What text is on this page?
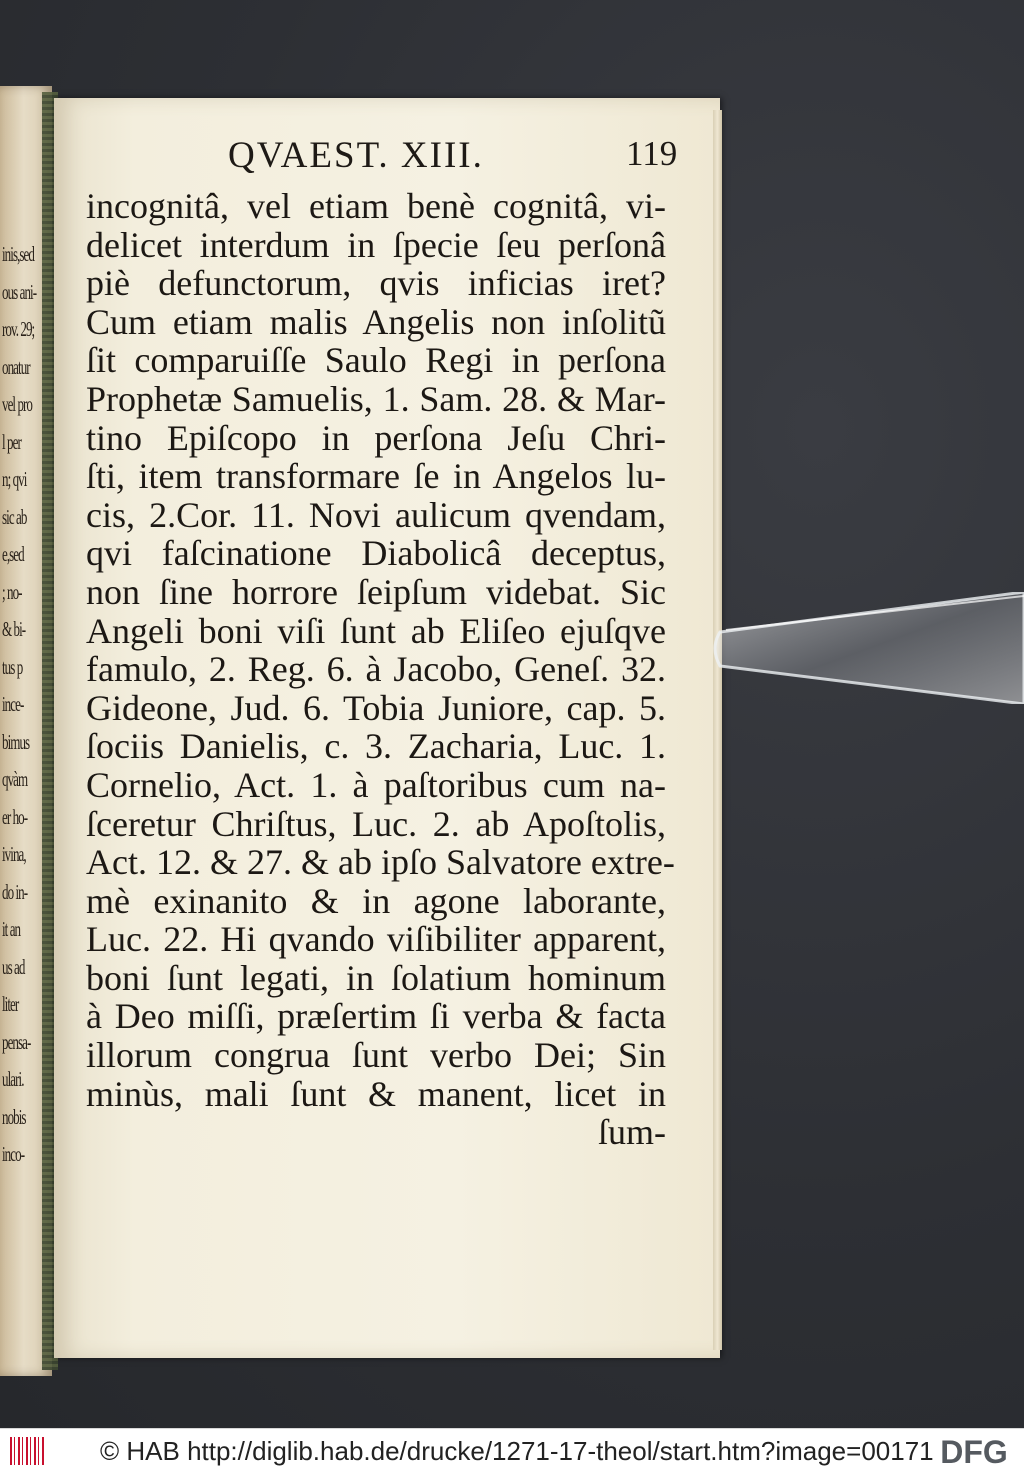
inis,sed
ous ani-
rov. 29;
onatur
vel pro
l per
n; qvi
sic ab
e,sed
; no-
& bi-
tus p
ince-
bimus
qvàm
er ho-
ivina,
do in-
it an
us ad
liter
pensa-
ulari.
nobis
inco-
QVAEST. XIII.	119
incognitâ, vel etiam benè cognitâ, vi-
delicet interdum in ſpecie ſeu perſonâ
piè defunctorum, qvis inficias iret?
Cum etiam malis Angelis non inſolitũ
ſit comparuiſſe Saulo Regi in perſona
Prophetæ Samuelis, 1. Sam. 28. & Mar-
tino Epiſcopo in perſona Jeſu Chri-
ſti, item transformare ſe in Angelos lu-
cis, 2.Cor. 11. Novi aulicum qvendam,
qvi faſcinatione Diabolicâ deceptus,
non ſine horrore ſeipſum videbat. Sic
Angeli boni viſi ſunt ab Eliſeo ejuſqve
famulo, 2. Reg. 6. à Jacobo, Geneſ. 32.
Gideone, Jud. 6. Tobia Juniore, cap. 5.
ſociis Danielis, c. 3. Zacharia, Luc. 1.
Cornelio, Act. 1. à paſtoribus cum na-
ſceretur Chriſtus, Luc. 2. ab Apoſtolis,
Act. 12. & 27. & ab ipſo Salvatore extre-
mè exinanito & in agone laborante,
Luc. 22. Hi qvando viſibiliter apparent,
boni ſunt legati, in ſolatium hominum
à Deo miſſi, præſertim ſi verba & facta
illorum congrua ſunt verbo Dei; Sin
minùs, mali ſunt & manent, licet in
ſum-
© HAB http://diglib.hab.de/drucke/1271-17-theol/start.htm?image=00171 DFG
